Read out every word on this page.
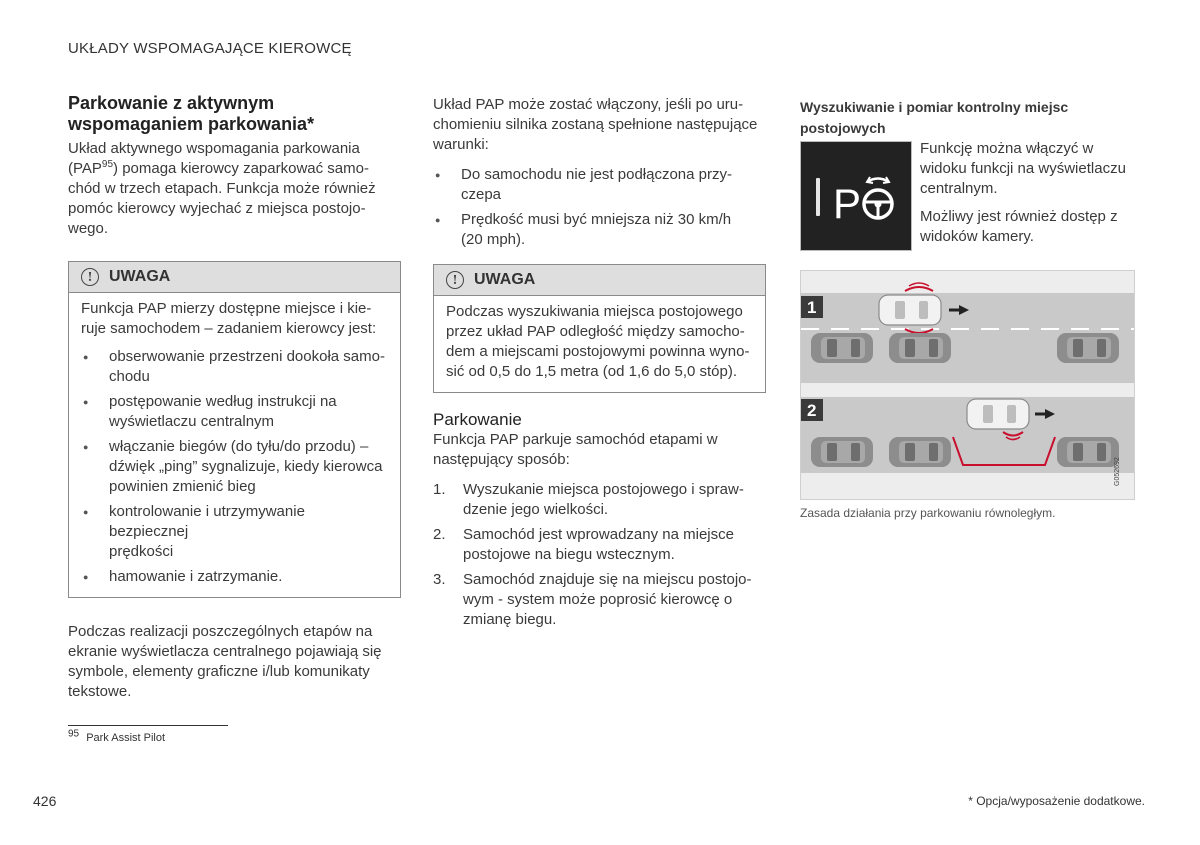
UKŁADY WSPOMAGAJĄCE KIEROWCĘ
Parkowanie z aktywnym
wspomaganiem parkowania*

Układ aktywnego wspomagania parkowania
(PAP$^{95}$) pomaga kierowcy zaparkować samo-
chód w trzech etapach. Funkcja może również
pomóc kierowcy wyjechać z miejsca postojo-
wego.

!	UWAGA

Funkcja PAP mierzy dostępne miejsce i kie-
ruje samochodem – zadaniem kierowcy jest:

● obserwowanie przestrzeni dookoła samo-
chodu
● postępowanie według instrukcji na
wyświetlaczu centralnym
● włączanie biegów (do tyłu/do przodu) –
dźwięk „ping” sygnalizuje, kiedy kierowca
powinien zmienić bieg
● kontrolowanie i utrzymywanie bezpiecznej
prędkości
● hamowanie i zatrzymanie.

Podczas realizacji poszczególnych etapów na
ekranie wyświetlacza centralnego pojawiają się
symbole, elementy graficzne i/lub komunikaty
tekstowe.

Układ PAP może zostać włączony, jeśli po uru-
chomieniu silnika zostaną spełnione następujące
warunki:

● Do samochodu nie jest podłączona przy-
czepa
● Prędkość musi być mniejsza niż 30 km/h
(20 mph).
!	UWAGA

Podczas wyszukiwania miejsca postojowego
przez układ PAP odległość między samocho-
dem a miejscami postojowymi powinna wyno-
sić od 0,5 do 1,5 metra (od 1,6 do 5,0 stóp).

Parkowanie

Funkcja PAP parkuje samochód etapami w
następujący sposób:

1. Wyszukanie miejsca postojowego i spraw-
dzenie jego wielkości.
2. Samochód jest wprowadzany na miejsce
postojowe na biegu wstecznym.
3. Samochód znajduje się na miejscu postojo-
wym - system może poprosić kierowcę o
zmianę biegu.
Wyszukiwanie i pomiar kontrolny miejsc
postojowych
P

Funkcję można włączyć w
widoku funkcji na wyświetlaczu
centralnym.

Możliwy jest również dostęp z
widoków kamery.

1
2
G052692
Zasada działania przy parkowaniu równoległym.
$^{95}$ Park Assist Pilot
426	* Opcja/wyposażenie dodatkowe.
